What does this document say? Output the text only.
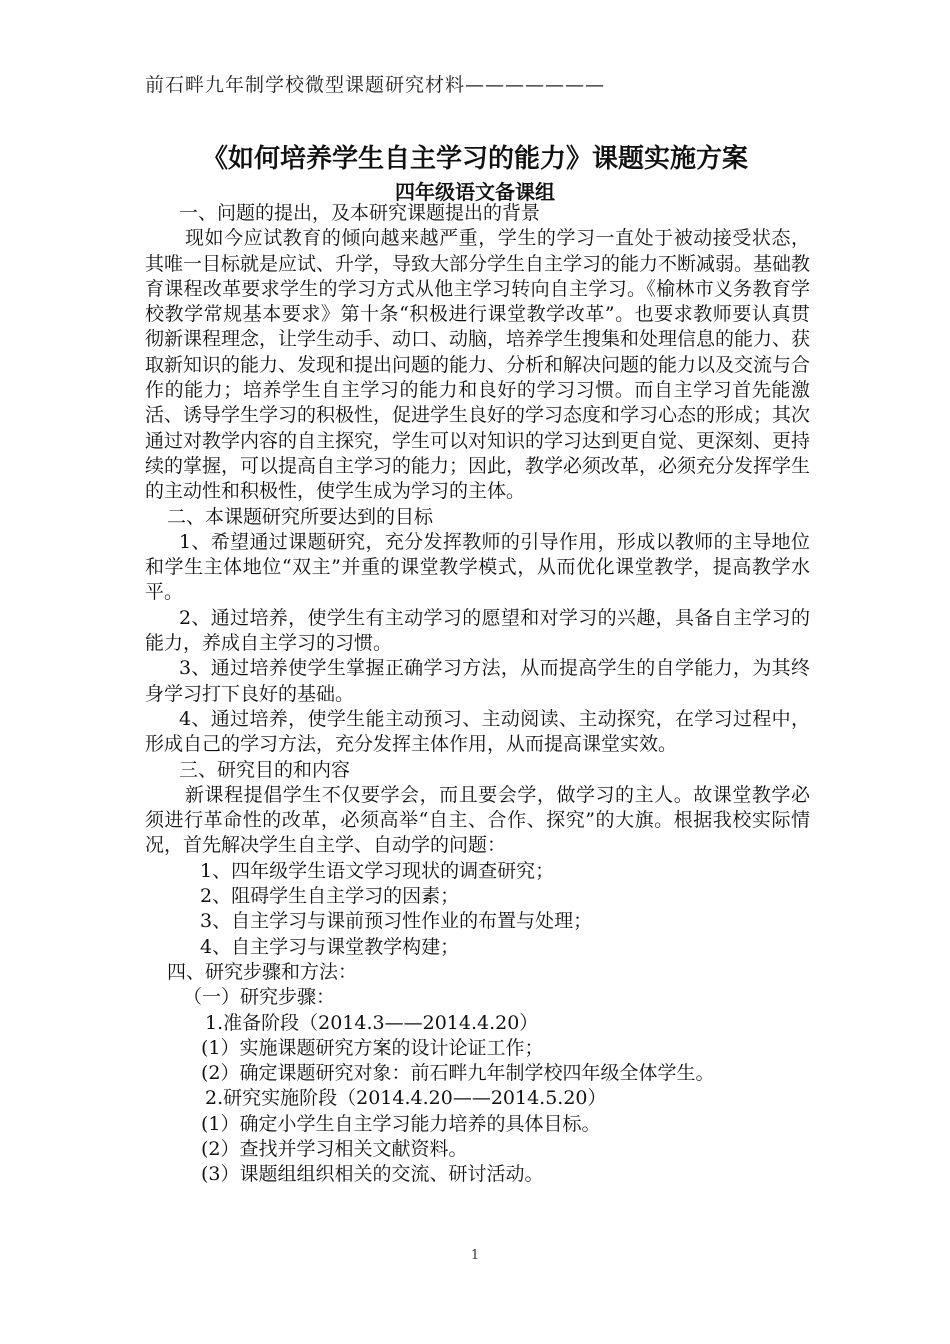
前石畔九年制学校微型课题研究材料———————
《如何培养学生自主学习的能力》课题实施方案
四年级语文备课组

一、问题的提出，及本研究课题提出的背景

现如今应试教育的倾向越来越严重，学生的学习一直处于被动接受状态，其唯一目标就是应试、升学，导致大部分学生自主学习的能力不断减弱。基础教育课程改革要求学生的学习方式从他主学习转向自主学习。《榆林市义务教育学校教学常规基本要求》第十条“积极进行课堂教学改革”。也要求教师要认真贯彻新课程理念，让学生动手、动口、动脑，培养学生搜集和处理信息的能力、获取新知识的能力、发现和提出问题的能力、分析和解决问题的能力以及交流与合作的能力；培养学生自主学习的能力和良好的学习习惯。而自主学习首先能激活、诱导学生学习的积极性，促进学生良好的学习态度和学习心态的形成；其次通过对教学内容的自主探究，学生可以对知识的学习达到更自觉、更深刻、更持续的掌握，可以提高自主学习的能力；因此，教学必须改革，必须充分发挥学生的主动性和积极性，使学生成为学习的主体。

二、本课题研究所要达到的目标

1、希望通过课题研究，充分发挥教师的引导作用，形成以教师的主导地位和学生主体地位“双主”并重的课堂教学模式，从而优化课堂教学，提高教学水平。

2、通过培养，使学生有主动学习的愿望和对学习的兴趣，具备自主学习的能力，养成自主学习的习惯。

3、通过培养使学生掌握正确学习方法，从而提高学生的自学能力，为其终身学习打下良好的基础。

4、通过培养，使学生能主动预习、主动阅读、主动探究，在学习过程中，形成自己的学习方法，充分发挥主体作用，从而提高课堂实效。

三、研究目的和内容

新课程提倡学生不仅要学会，而且要会学，做学习的主人。故课堂教学必须进行革命性的改革，必须高举“自主、合作、探究”的大旗。根据我校实际情况，首先解决学生自主学、自动学的问题：

1、四年级学生语文学习现状的调查研究；

2、阻碍学生自主学习的因素；

3、自主学习与课前预习性作业的布置与处理；

4、自主学习与课堂教学构建；

四、研究步骤和方法：

（一）研究步骤：

1.准备阶段（2014.3——2014.4.20）

(1）实施课题研究方案的设计论证工作；

(2）确定课题研究对象：前石畔九年制学校四年级全体学生。

2.研究实施阶段（2014.4.20——2014.5.20）

(1）确定小学生自主学习能力培养的具体目标。

(2）查找并学习相关文献资料。

(3）课题组组织相关的交流、研讨活动。

1
